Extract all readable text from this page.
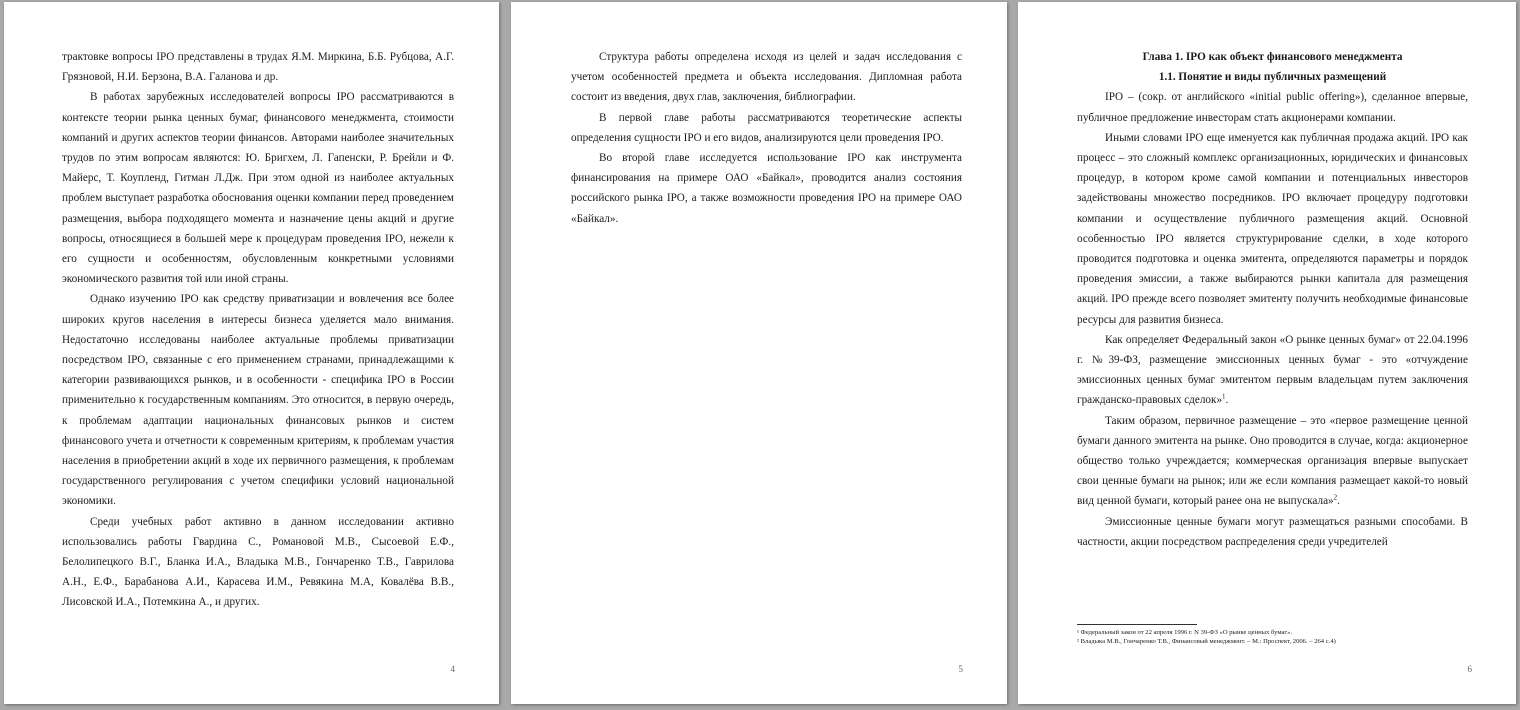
трактовке вопросы IPO представлены в трудах Я.М. Миркина, Б.Б. Рубцова, А.Г. Грязновой, Н.И. Берзона, В.А. Галанова и др.

В работах зарубежных исследователей вопросы IPO рассматриваются в контексте теории рынка ценных бумаг, финансового менеджмента, стоимости компаний и других аспектов теории финансов. Авторами наиболее значительных трудов по этим вопросам являются: Ю. Бригхем, Л. Гапенски, Р. Брейли и Ф. Майерс, Т. Коупленд, Гитман Л.Дж. При этом одной из наиболее актуальных проблем выступает разработка обоснования оценки компании перед проведением размещения, выбора подходящего момента и назначение цены акций и другие вопросы, относящиеся в большей мере к процедурам проведения IPO, нежели к его сущности и особенностям, обусловленным конкретными условиями экономического развития той или иной страны.

Однако изучению IPO как средству приватизации и вовлечения все более широких кругов населения в интересы бизнеса уделяется мало внимания. Недостаточно исследованы наиболее актуальные проблемы приватизации посредством IPO, связанные с его применением странами, принадлежащими к категории развивающихся рынков, и в особенности - специфика IPO в России применительно к государственным компаниям. Это относится, в первую очередь, к проблемам адаптации национальных финансовых рынков и систем финансового учета и отчетности к современным критериям, к проблемам участия населения в приобретении акций в ходе их первичного размещения, к проблемам государственного регулирования с учетом специфики условий национальной экономики.

Среди учебных работ активно в данном исследовании активно использовались работы Гвардина С., Романовой М.В., Сысоевой Е.Ф., Белолипецкого В.Г., Бланка И.А., Владыка М.В., Гончаренко Т.В., Гаврилова А.Н., Е.Ф., Барабанова А.И., Карасева И.М., Ревякина М.А, Ковалёва В.В., Лисовской И.А., Потемкина А., и других.

4

Структура работы определена исходя из целей и задач исследования с учетом особенностей предмета и объекта исследования. Дипломная работа состоит из введения, двух глав, заключения, библиографии.

В первой главе работы рассматриваются теоретические аспекты определения сущности IPO и его видов, анализируются цели проведения IPO.

Во второй главе исследуется использование IPO как инструмента финансирования на примере ОАО «Байкал», проводится анализ состояния российского рынка IPO, а также возможности проведения IPO на примере ОАО «Байкал».

5

Глава 1. IPO как объект финансового менеджмента

1.1. Понятие и виды публичных размещений

IPO – (сокр. от английского «initial public offering»), сделанное впервые, публичное предложение инвесторам стать акционерами компании.

Иными словами IPO еще именуется как публичная продажа акций. IPO как процесс – это сложный комплекс организационных, юридических и финансовых процедур, в котором кроме самой компании и потенциальных инвесторов задействованы множество посредников. IPO включает процедуру подготовки компании и осуществление публичного размещения акций. Основной особенностью IPO является структурирование сделки, в ходе которого проводится подготовка и оценка эмитента, определяются параметры и порядок проведения эмиссии, а также выбираются рынки капитала для размещения акций. IPO прежде всего позволяет эмитенту получить необходимые финансовые ресурсы для развития бизнеса.

Как определяет Федеральный закон «О рынке ценных бумаг» от 22.04.1996 г. №39-ФЗ, размещение эмиссионных ценных бумаг - это «отчуждение эмиссионных ценных бумаг эмитентом первым владельцам путем заключения гражданско-правовых сделок»$^1$.

Таким образом, первичное размещение – это «первое размещение ценной бумаги данного эмитента на рынке. Оно проводится в случае, когда: акционерное общество только учреждается; коммерческая организация впервые выпускает свои ценные бумаги на рынок; или же если компания размещает какой-то новый вид ценной бумаги, который ранее она не выпускала»$^2$.

Эмиссионные ценные бумаги могут размещаться разными способами. В частности, акции посредством распределения среди учредителей

¹ Федеральный закон от 22 апреля 1996 г. N 39-ФЗ «О рынке ценных бумаг».
² Владыка М.В., Гончаренко Т.В., Финансовый менеджмент. – М.: Проспект, 2006. – 264 с.4)
6
